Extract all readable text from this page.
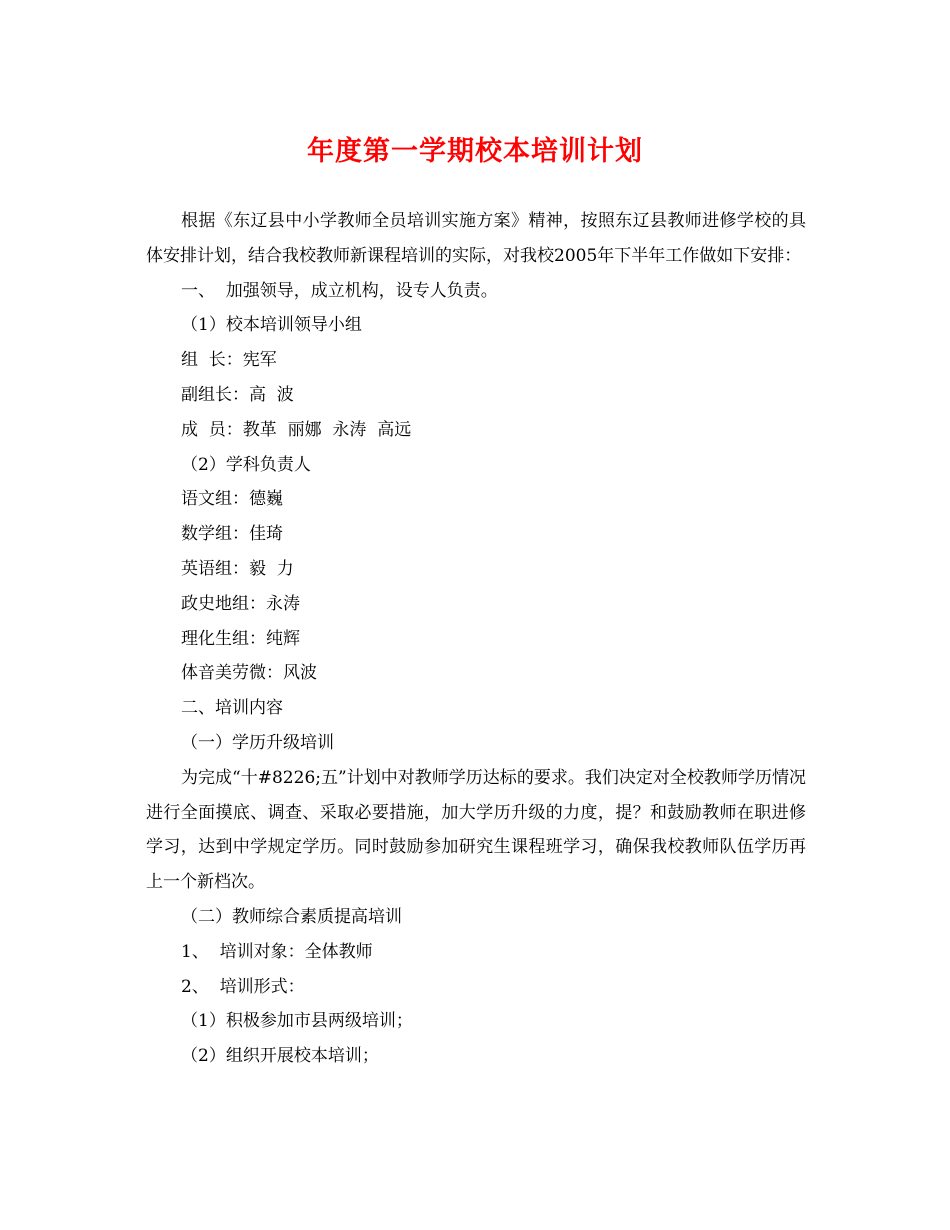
年度第一学期校本培训计划

根据《东辽县中小学教师全员培训实施方案》精神，按照东辽县教师进修学校的具体安排计划，结合我校教师新课程培训的实际，对我校2005年下半年工作做如下安排：

一、  加强领导，成立机构，设专人负责。

（1）校本培训领导小组

组  长：宪军

副组长：高  波

成  员：教革  丽娜  永涛  高远

（2）学科负责人

语文组：德巍

数学组：佳琦

英语组：毅  力

政史地组：永涛

理化生组：纯辉

体音美劳微：风波

二、培训内容

（一）学历升级培训

为完成“十#8226;五”计划中对教师学历达标的要求。我们决定对全校教师学历情况进行全面摸底、调查、采取必要措施，加大学历升级的力度，提？和鼓励教师在职进修学习，达到中学规定学历。同时鼓励参加研究生课程班学习，确保我校教师队伍学历再上一个新档次。

（二）教师综合素质提高培训

1、  培训对象：全体教师

2、  培训形式：

（1）积极参加市县两级培训；

（2）组织开展校本培训；
